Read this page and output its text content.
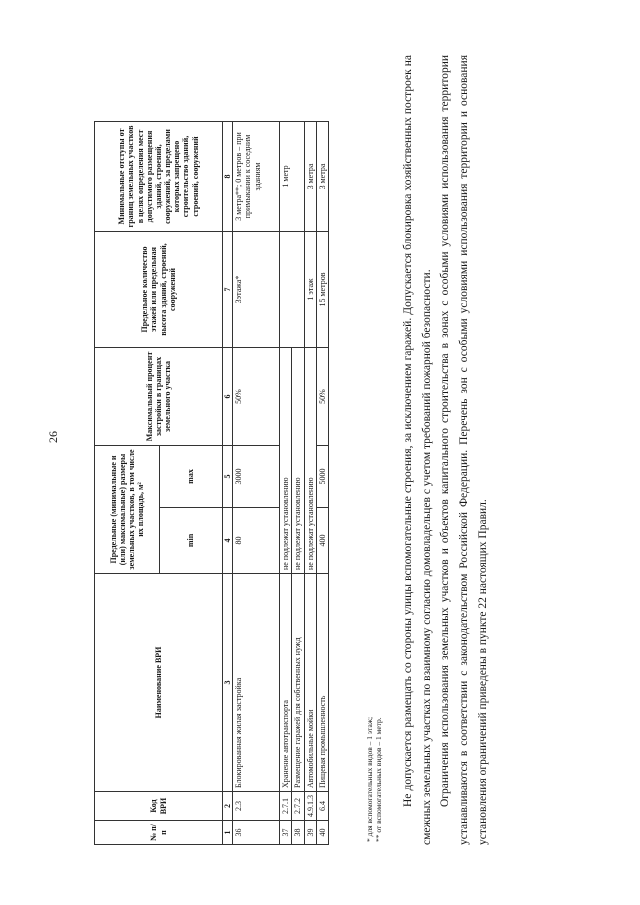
26
№ п/п	Код ВРИ	Наименование ВРИ	Предельные (минимальные и (или) максимальные) размеры земельных участков, в том числе их площадь, м²		Максимальный процент застройки в границах земельного участка	Предельное количество этажей или предельная высота зданий, строений, сооружений	Минимальные отступы от границ земельных участков в целях определения мест допустимого размещения зданий, строений, сооружений, за пределами которых запрещено строительство зданий, строений, сооружений
			min	max			
1	2	3	4	5	6	7	8
36	2.3	Блокированная жилая застройка	80	3000	50%	3этажа*	3 метра**; 0 метров – при примыкании к соседним зданиям
37	2.7.1	Хранение автотранспорта	не подлежат установлению				1 метр
38	2.7.2	Размещение гаражей для собственных нужд	не подлежат установлению				
39	4.9.1.3	Автомобильные мойки	не подлежат установлению			1 этаж	3 метра
40	6.4	Пищевая промышленность	400	5000	50%	15 метров	3 метра
* для вспомогательных видов – 1 этаж; ** от вспомогательных видов – 1 метр. Не допускается размещать со стороны улицы вспомогательные строения, за исключением гаражей. Допускается блокировка хозяйственных построек на смежных земельных участках по взаимному согласию домовладельцев с учетом требований пожарной безопасности. Ограничения использования земельных участков и объектов капитального строительства в зонах с особыми условиями использования территории устанавливаются в соответствии с законодательством Российской Федерации. Перечень зон с особыми условиями использования территории и основания установления ограничений приведены в пункте 22 настоящих Правил.
